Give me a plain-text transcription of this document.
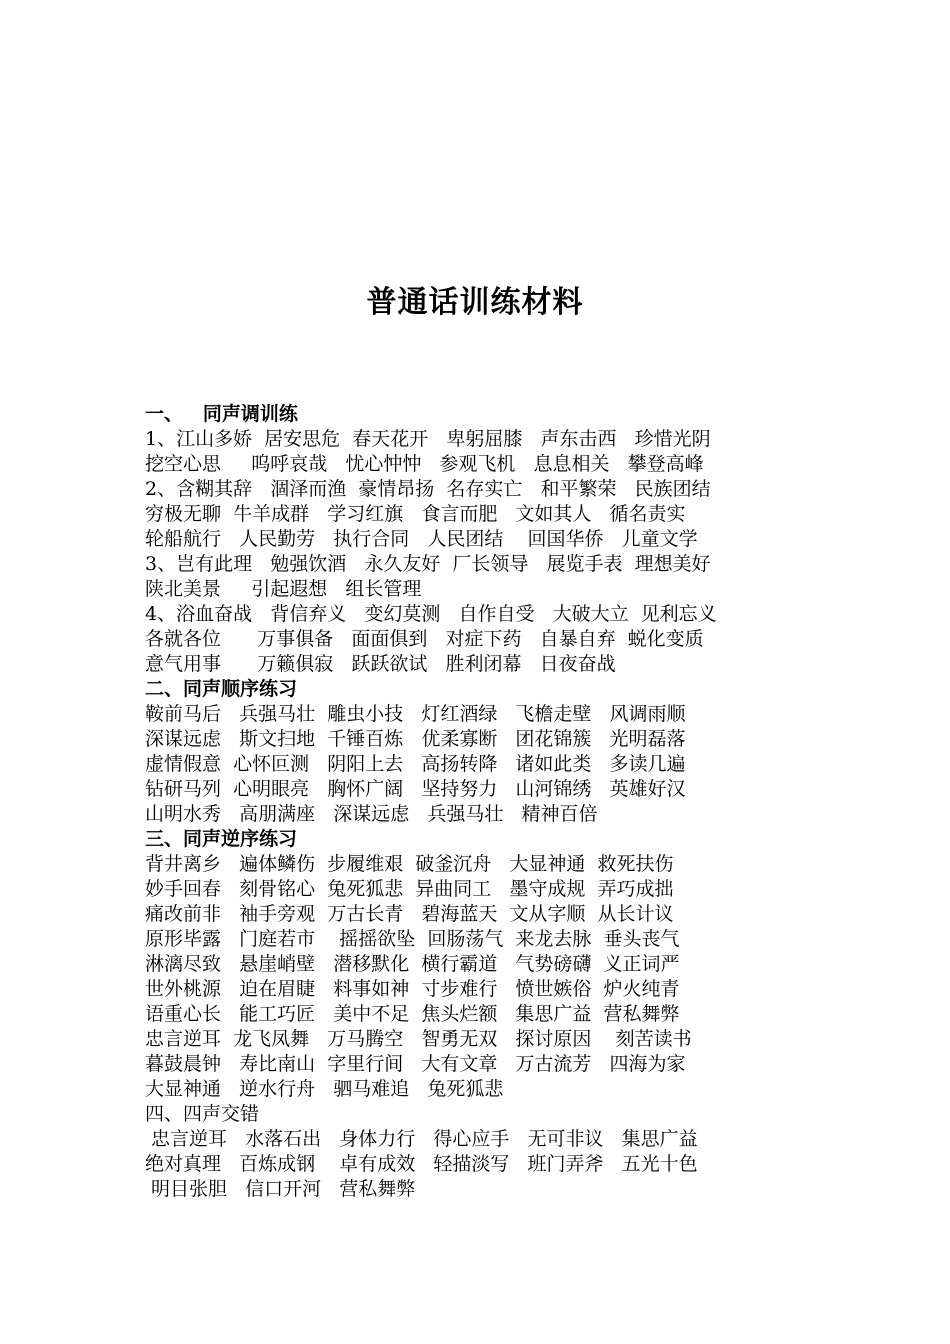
普通话训练材料
一、   同声调训练
1、江山多娇  居安思危  春天花开   卑躬屈膝   声东击西   珍惜光阴
挖空心思     呜呼哀哉   忧心忡忡   参观飞机   息息相关   攀登高峰
2、含糊其辞   涸泽而渔  豪情昂扬  名存实亡   和平繁荣   民族团结
穷极无聊  牛羊成群   学习红旗   食言而肥   文如其人   循名责实
轮船航行   人民勤劳   执行合同   人民团结    回国华侨   儿童文学
3、岂有此理   勉强饮酒   永久友好  厂长领导   展览手表  理想美好
陕北美景     引起遐想   组长管理
4、浴血奋战   背信弃义   变幻莫测   自作自受   大破大立  见利忘义
各就各位      万事俱备   面面俱到   对症下药   自暴自弃  蜕化变质
意气用事      万籁俱寂   跃跃欲试   胜利闭幕   日夜奋战
二、同声顺序练习
鞍前马后   兵强马壮  雕虫小技   灯红酒绿   飞檐走壁   风调雨顺
深谋远虑   斯文扫地  千锤百炼   优柔寡断   团花锦簇   光明磊落
虚情假意  心怀叵测   阴阳上去   高扬转降   诸如此类   多读几遍
钻研马列  心明眼亮   胸怀广阔   坚持努力   山河锦绣   英雄好汉
山明水秀   高朋满座   深谋远虑   兵强马壮   精神百倍
三、同声逆序练习
背井离乡   遍体鳞伤  步履维艰  破釜沉舟   大显神通  救死扶伤
妙手回春   刻骨铭心  兔死狐悲  异曲同工   墨守成规  弄巧成拙
痛改前非   袖手旁观  万古长青   碧海蓝天  文从字顺  从长计议
原形毕露   门庭若市    摇摇欲坠  回肠荡气  来龙去脉  垂头丧气
淋漓尽致   悬崖峭壁   潜移默化  横行霸道   气势磅礴  义正词严
世外桃源   迫在眉睫   料事如神  寸步难行   愤世嫉俗  炉火纯青
语重心长   能工巧匠   美中不足  焦头烂额   集思广益  营私舞弊
忠言逆耳  龙飞凤舞   万马腾空   智勇无双   探讨原因    刻苦读书
暮鼓晨钟   寿比南山  字里行间   大有文章   万古流芳   四海为家
大显神通   逆水行舟   驷马难追   兔死狐悲
四、四声交错
忠言逆耳   水落石出   身体力行   得心应手   无可非议   集思广益
绝对真理   百炼成钢    卓有成效   轻描淡写   班门弄斧   五光十色
明目张胆   信口开河   营私舞弊
